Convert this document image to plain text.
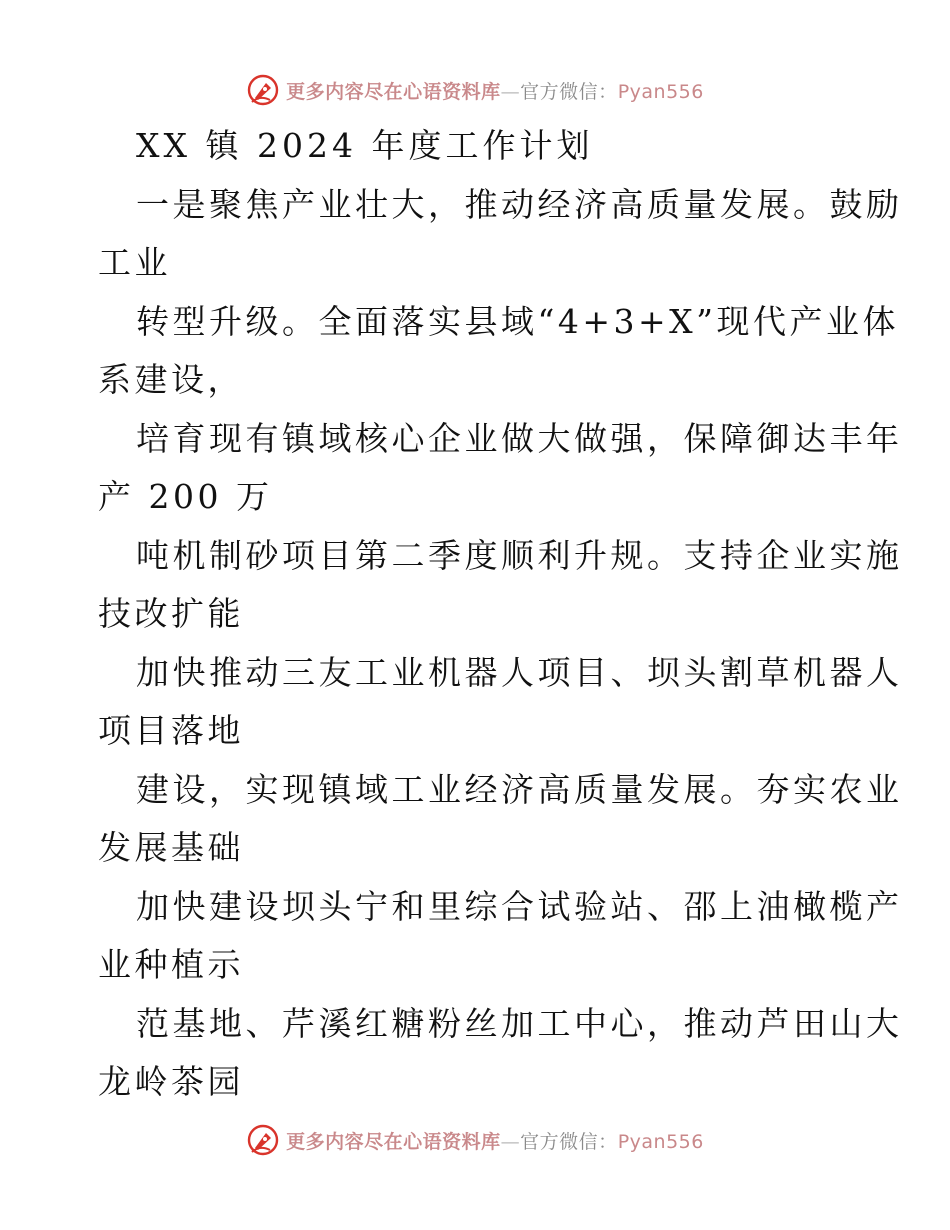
更多内容尽在心语资料库—官方微信：Pyan556
XX 镇 2024 年度工作计划
一是聚焦产业壮大，推动经济高质量发展。鼓励
工业
转型升级。全面落实县域“4+3+X”现代产业体
系建设，
培育现有镇域核心企业做大做强，保障御达丰年
产 200 万
吨机制砂项目第二季度顺利升规。支持企业实施
技改扩能
加快推动三友工业机器人项目、坝头割草机器人
项目落地
建设，实现镇域工业经济高质量发展。夯实农业
发展基础
加快建设坝头宁和里综合试验站、邵上油橄榄产
业种植示
范基地、芹溪红糖粉丝加工中心，推动芦田山大
龙岭茶园
更多内容尽在心语资料库—官方微信：Pyan556
